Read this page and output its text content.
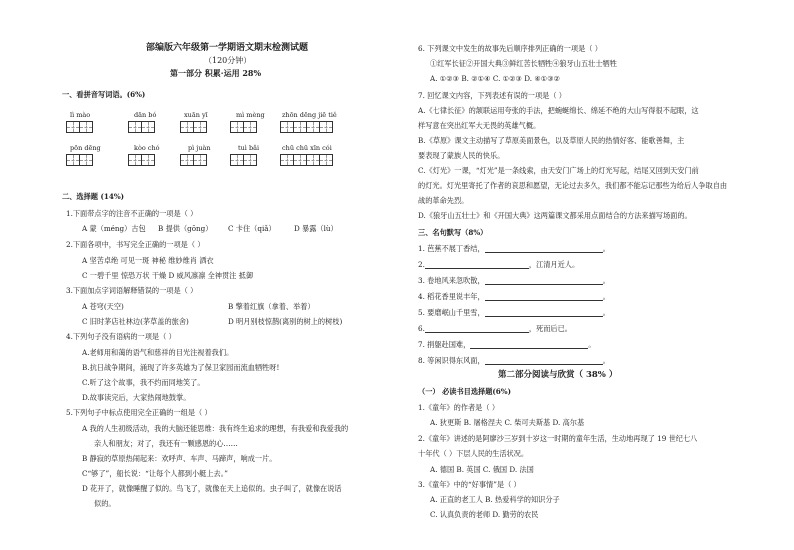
部编版六年级第一学期语文期末检测试题
（120分钟）
第一部分 积累·运用 28%
一、看拼音写词语。(6%)
lì mào	dān bó	xuān yī	mì mèng	zhōn dēng jiē tiě
pōn dēng	kòo chó	pì juàn	tuì bǎi	chū chū xīn cói
二、选择题 (14%)
1.下面带点字的注音不正确的一项是（ ）
A 蒙（méng）古包 B 提供（gōng） C 卡住（qiǎ）	D 暴露（lù）
2.下面各项中，书写完全正确的一项是（ ）
A 坚苦卓绝 可见一斑 神秘 维妙维肖 洒衣
C 一碧千里 惊恐万状 干燥 D 威风凛凛 全神贯注 抵御
3.下面加点字词语解释错误的一项是（ ）
A 苍穹(天空)	B 擎着红旗（拿着、举着）
C 旧时茅店社林边(茅草盖的旅舍)	D 明月别枝惊鹊(离别的树上的树枝)
4.下列句子没有语病的一项是（ ）
A.老师用和蔼的语气和慈祥的目光注视着我们。
B.抗日战争期间，涌现了许多英雄为了保卫家园而流血牺牲呀!
C.听了这个故事，我不约而同地笑了。
D.故事读完后，大家热闹地鼓掌。
5.下列句子中标点使用完全正确的一组是（ ）
A 我的人生初级活动，我的大脑还能思维：我有终生追求的理想，有我爱和我爱我的
亲人和朋友；对了，我还有一颗感恩的心……
B 静寂的草原热闹起来：欢呼声、车声、马蹄声，响成一片。
C“够了”，船长说：“让每个人都到小艇上去。”
D 花开了，就像睡醒了似的。鸟飞了，就像在天上追似的。虫子叫了，就像在说话
似的。
6. 下列课文中发生的故事先后顺序排列正确的一项是（ ）
①红军长征②开国大典③鲜红苦长牺牲④狼牙山五壮士牺牲
A. ①②③ B. ②①④ C. ①②③ D. ④①③②
7. 回忆课文内容，下列表述有误的一项是（ ）
A.《七律长征》的颔联运用夸张的手法，把蜿蜒绵长、绵延不绝的大山写得很不起眼，这
样写意在突出红军大无畏的英雄气概。
B.《草原》课文主动描写了草原美面景色，以及草原人民的热情好客、能歌善舞，主
要表现了蒙族人民的快乐。
C.《灯光》一课，“灯光”是一条线索，由天安门广场上的灯光写起，结尾又回到天安门前
的灯光。灯光里寄托了作者的哀思和愿望，无论过去多久，我们都不能忘记那些为给后人争取自由
战的革命先烈。
D.《狼牙山五壮士》和《开国大典》这两篇课文都采用点面结合的方法来描写场面的。
三、名句默写（8%）
1. 芭蕉不展丁香结，	。
2.	，江清月近人。
3. 卷地风来忽吹散，	。
4. 稻花香里说丰年，	。
5. 要磨岷山千里雪，	。
6.	，死而后已。
7. 捐躯赴国难，	。
8. 等闲识得东风面，	。
第二部分阅读与欣赏（ 38% ）
（一） 必读书目选择题(6%)
1.《童年》的作者是（ ）
A. 狄更斯 B. 屠格涅夫 C. 柴可夫斯基 D. 高尔基
2.《童年》讲述的是阿廖沙三岁到十岁这一时期的童年生活，生动地再现了 19 世纪七八
十年代（ ）下层人民的生活状况。
A. 德国 B. 英国 C. 俄国 D. 法国
3.《童年》中的“好事情”是（ ）
A. 正直的老工人 B. 热爱科学的知识分子
C. 认真负责的老师 D. 勤劳的农民
